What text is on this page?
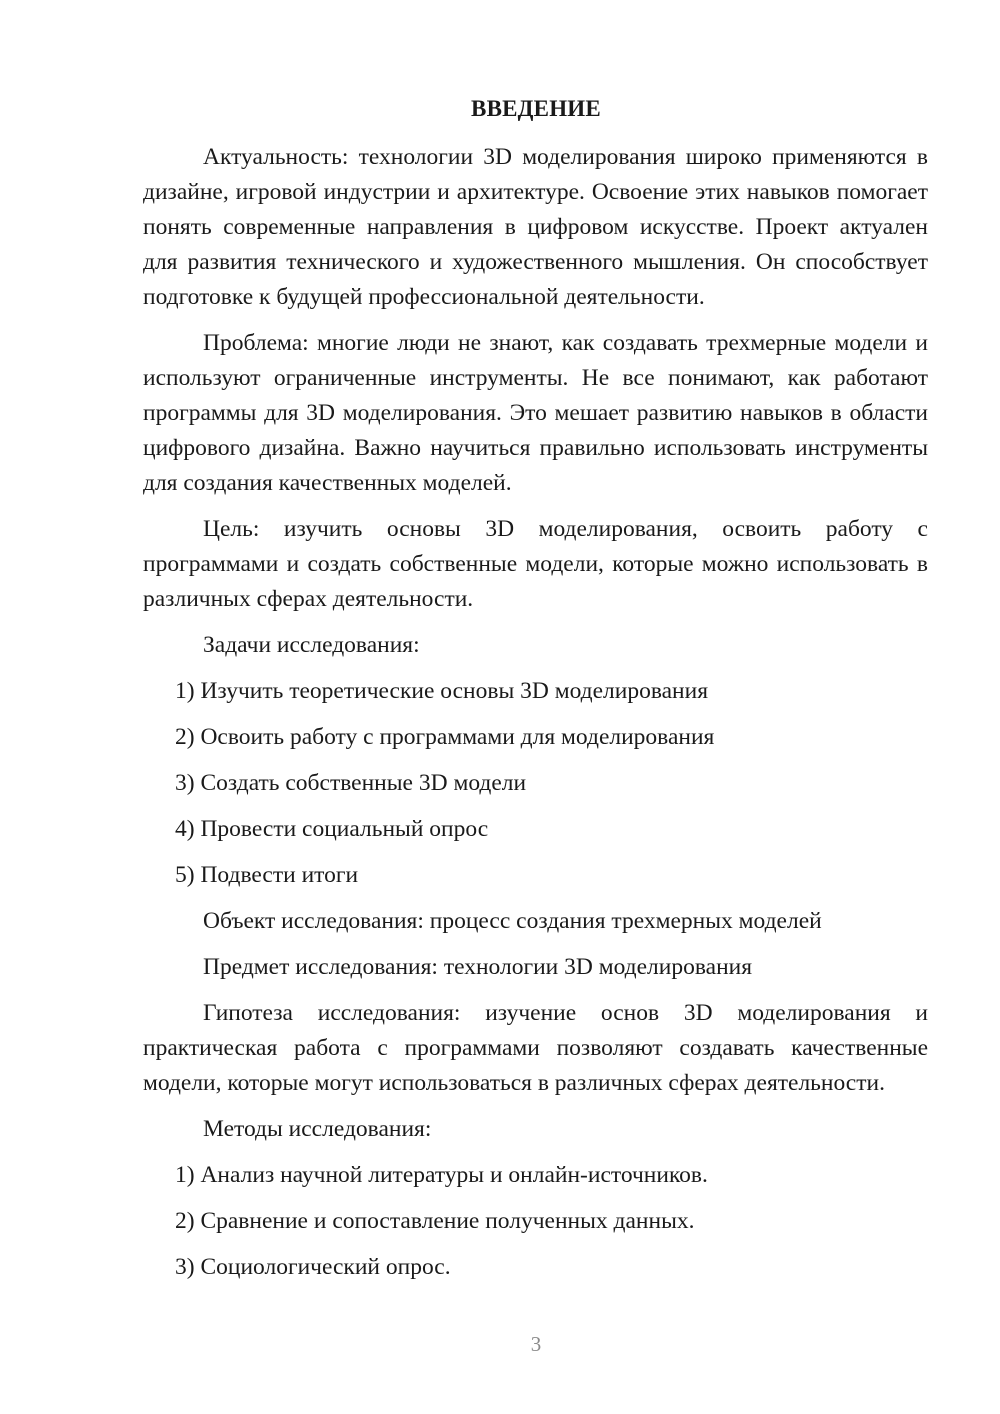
ВВЕДЕНИЕ

Актуальность: технологии 3D моделирования широко применяются в дизайне, игровой индустрии и архитектуре. Освоение этих навыков помогает понять современные направления в цифровом искусстве. Проект актуален для развития технического и художественного мышления. Он способствует подготовке к будущей профессиональной деятельности.

Проблема: многие люди не знают, как создавать трехмерные модели и используют ограниченные инструменты. Не все понимают, как работают программы для 3D моделирования. Это мешает развитию навыков в области цифрового дизайна. Важно научиться правильно использовать инструменты для создания качественных моделей.

Цель: изучить основы 3D моделирования, освоить работу с программами и создать собственные модели, которые можно использовать в различных сферах деятельности.

Задачи исследования:

1) Изучить теоретические основы 3D моделирования

2) Освоить работу с программами для моделирования

3) Создать собственные 3D модели

4) Провести социальный опрос

5) Подвести итоги

Объект исследования: процесс создания трехмерных моделей

Предмет исследования: технологии 3D моделирования

Гипотеза исследования: изучение основ 3D моделирования и практическая работа с программами позволяют создавать качественные модели, которые могут использоваться в различных сферах деятельности.

Методы исследования:

1) Анализ научной литературы и онлайн-источников.

2) Сравнение и сопоставление полученных данных.

3) Социологический опрос.

3
